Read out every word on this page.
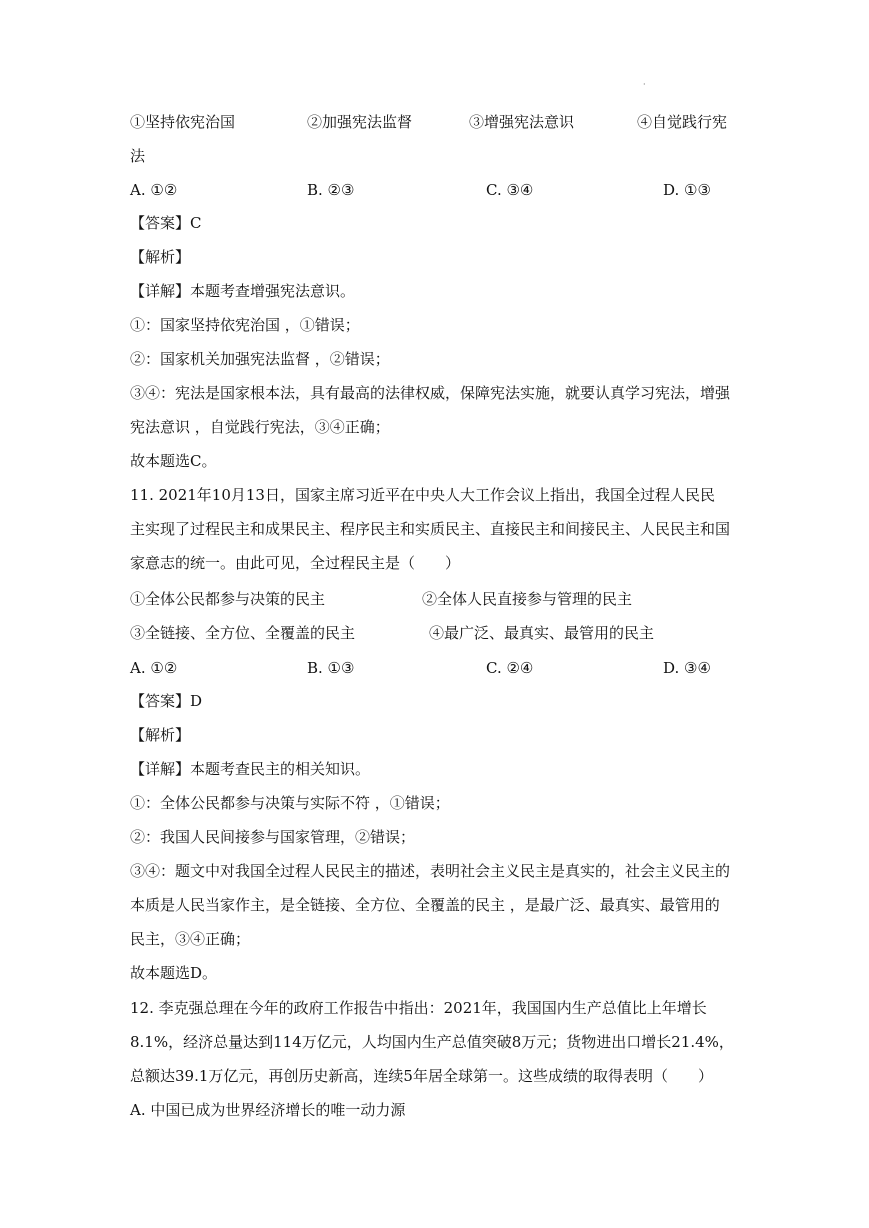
·
①坚持依宪治国	②加强宪法监督	③增强宪法意识	④自觉践行宪
法
A. ①②	B. ②③	C. ③④	D. ①③
【答案】C
【解析】
【详解】本题考查增强宪法意识。
①：国家坚持依宪治国 ，①错误；
②：国家机关加强宪法监督 ，②错误；
③④：宪法是国家根本法，具有最高的法律权威，保障宪法实施，就要认真学习宪法，增强
宪法意识 ，自觉践行宪法，③④正确；
故本题选C。
11. 2021年10月13日，国家主席习近平在中央人大工作会议上指出，我国全过程人民民
主实现了过程民主和成果民主、程序民主和实质民主、直接民主和间接民主、人民民主和国
家意志的统一。由此可见，全过程民主是（　　）
①全体公民都参与决策的民主	②全体人民直接参与管理的民主
③全链接、全方位、全覆盖的民主	④最广泛、最真实、最管用的民主
A. ①②	B. ①③	C. ②④	D. ③④
【答案】D
【解析】
【详解】本题考查民主的相关知识。
①：全体公民都参与决策与实际不符 ，①错误；
②：我国人民间接参与国家管理，②错误；
③④：题文中对我国全过程人民民主的描述，表明社会主义民主是真实的，社会主义民主的
本质是人民当家作主，是全链接、全方位、全覆盖的民主 ，是最广泛、最真实、最管用的
民主，③④正确；
故本题选D。
12. 李克强总理在今年的政府工作报告中指出：2021年，我国国内生产总值比上年增长
8.1%，经济总量达到114万亿元，人均国内生产总值突破8万元；货物进出口增长21.4%，
总额达39.1万亿元，再创历史新高，连续5年居全球第一。这些成绩的取得表明（　　）
A. 中国已成为世界经济增长的唯一动力源
